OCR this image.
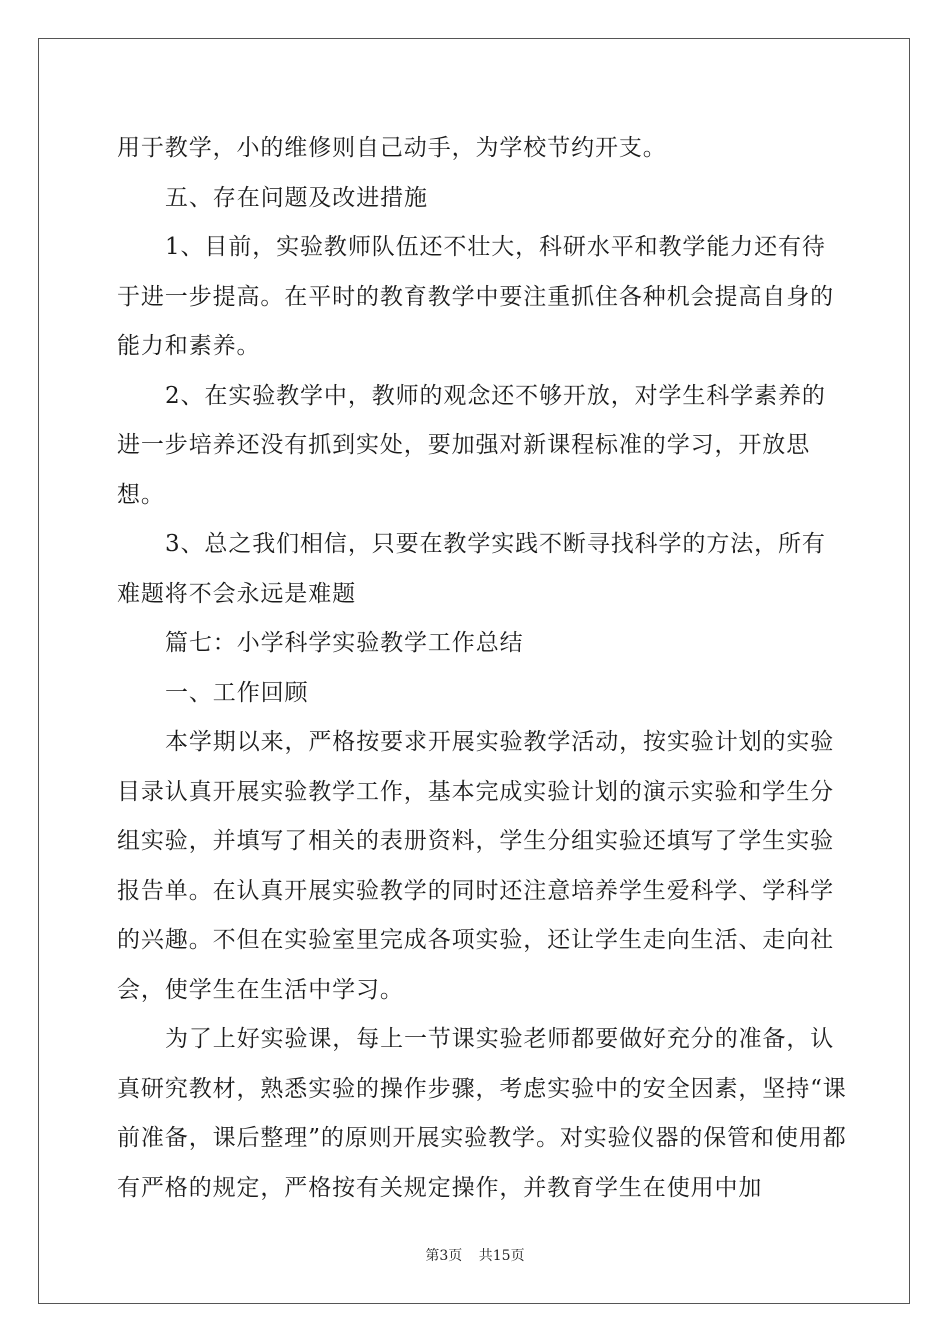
用于教学，小的维修则自己动手，为学校节约开支。

五、存在问题及改进措施

1、目前，实验教师队伍还不壮大，科研水平和教学能力还有待于进一步提高。在平时的教育教学中要注重抓住各种机会提高自身的能力和素养。

2、在实验教学中，教师的观念还不够开放，对学生科学素养的进一步培养还没有抓到实处，要加强对新课程标准的学习，开放思想。

3、总之我们相信，只要在教学实践不断寻找科学的方法，所有难题将不会永远是难题

篇七：小学科学实验教学工作总结

一、工作回顾

本学期以来，严格按要求开展实验教学活动，按实验计划的实验目录认真开展实验教学工作，基本完成实验计划的演示实验和学生分组实验，并填写了相关的表册资料，学生分组实验还填写了学生实验报告单。在认真开展实验教学的同时还注意培养学生爱科学、学科学的兴趣。不但在实验室里完成各项实验，还让学生走向生活、走向社会，使学生在生活中学习。

为了上好实验课，每上一节课实验老师都要做好充分的准备，认真研究教材，熟悉实验的操作步骤，考虑实验中的安全因素，坚持“课前准备，课后整理”的原则开展实验教学。对实验仪器的保管和使用都有严格的规定，严格按有关规定操作，并教育学生在使用中加

第3页 共15页
